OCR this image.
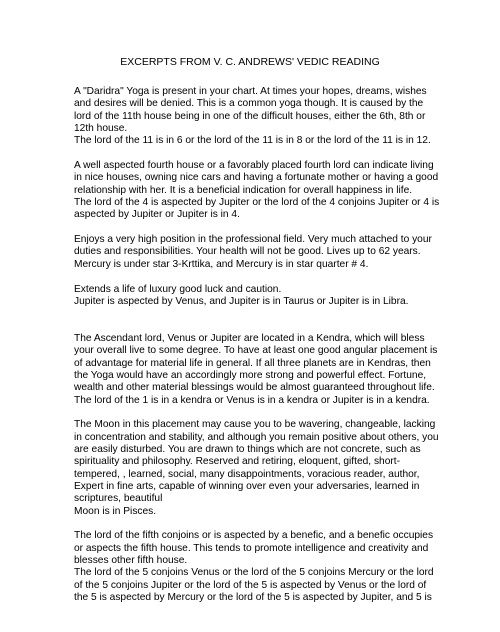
EXCERPTS FROM V. C. ANDREWS' VEDIC READING
A "Daridra" Yoga is present in your chart. At times your hopes, dreams, wishes
and desires will be denied. This is a common yoga though. It is caused by the
lord of the 11th house being in one of the difficult houses, either the 6th, 8th or
12th house.
The lord of the 11 is in 6 or the lord of the 11 is in 8 or the lord of the 11 is in 12.
A well aspected fourth house or a favorably placed fourth lord can indicate living
in nice houses, owning nice cars and having a fortunate mother or having a good
relationship with her. It is a beneficial indication for overall happiness in life.
The lord of the 4 is aspected by Jupiter or the lord of the 4 conjoins Jupiter or 4 is
aspected by Jupiter or Jupiter is in 4.
Enjoys a very high position in the professional field. Very much attached to your
duties and responsibilities. Your health will not be good. Lives up to 62 years.
Mercury is under star 3-Krttika, and Mercury is in star quarter # 4.
Extends a life of luxury good luck and caution.
Jupiter is aspected by Venus, and Jupiter is in Taurus or Jupiter is in Libra.
The Ascendant lord, Venus or Jupiter are located in a Kendra, which will bless
your overall live to some degree. To have at least one good angular placement is
of advantage for material life in general. If all three planets are in Kendras, then
the Yoga would have an accordingly more strong and powerful effect. Fortune,
wealth and other material blessings would be almost guaranteed throughout life.
The lord of the 1 is in a kendra or Venus is in a kendra or Jupiter is in a kendra.
The Moon in this placement may cause you to be wavering, changeable, lacking
in concentration and stability, and although you remain positive about others, you
are easily disturbed. You are drawn to things which are not concrete, such as
spirituality and philosophy. Reserved and retiring, eloquent, gifted, short-
tempered, , learned, social, many disappointments, voracious reader, author,
Expert in fine arts, capable of winning over even your adversaries, learned in
scriptures, beautiful
Moon is in Pisces.
The lord of the fifth conjoins or is aspected by a benefic, and a benefic occupies
or aspects the fifth house. This tends to promote intelligence and creativity and
blesses other fifth house.
The lord of the 5 conjoins Venus or the lord of the 5 conjoins Mercury or the lord
of the 5 conjoins Jupiter or the lord of the 5 is aspected by Venus or the lord of
the 5 is aspected by Mercury or the lord of the 5 is aspected by Jupiter, and 5 is
